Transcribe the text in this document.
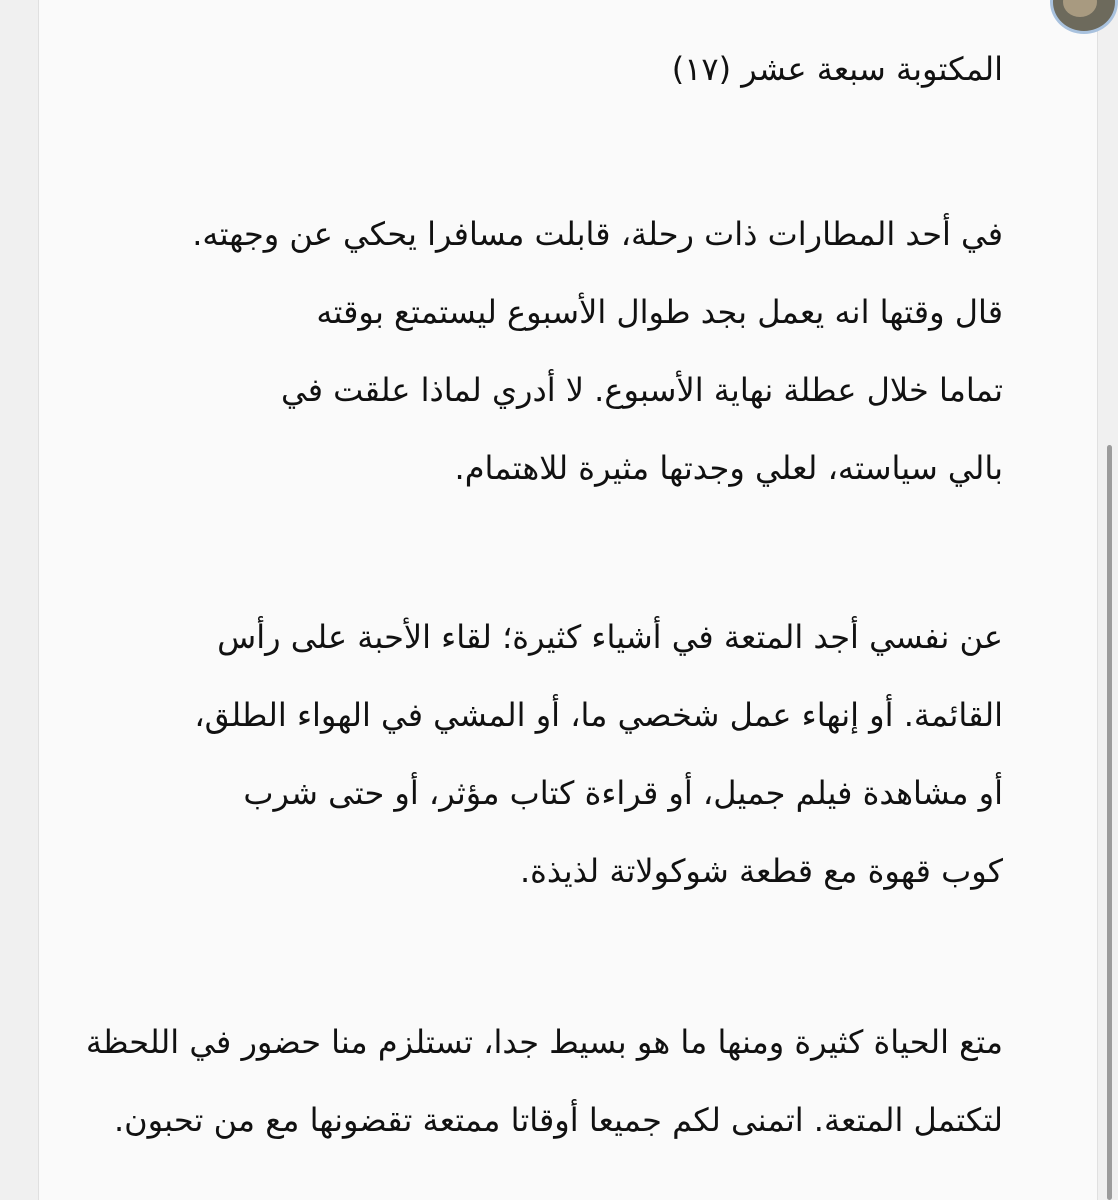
المكتوبة سبعة عشر (١٧)

في أحد المطارات ذات رحلة، قابلت مسافرا يحكي عن وجهته.
قال وقتها انه يعمل بجد طوال الأسبوع ليستمتع بوقته
تماما خلال عطلة نهاية الأسبوع. لا أدري لماذا علقت في
بالي سياسته، لعلي وجدتها مثيرة للاهتمام.
عن نفسي أجد المتعة في أشياء كثيرة؛ لقاء الأحبة على رأس
القائمة. أو إنهاء عمل شخصي ما، أو المشي في الهواء الطلق،
أو مشاهدة فيلم جميل، أو قراءة كتاب مؤثر، أو حتى شرب
كوب قهوة مع قطعة شوكولاتة لذيذة.
متع الحياة كثيرة ومنها ما هو بسيط جدا، تستلزم منا حضور في اللحظة
لتكتمل المتعة. اتمنى لكم جميعا أوقاتا ممتعة تقضونها مع من تحبون.
